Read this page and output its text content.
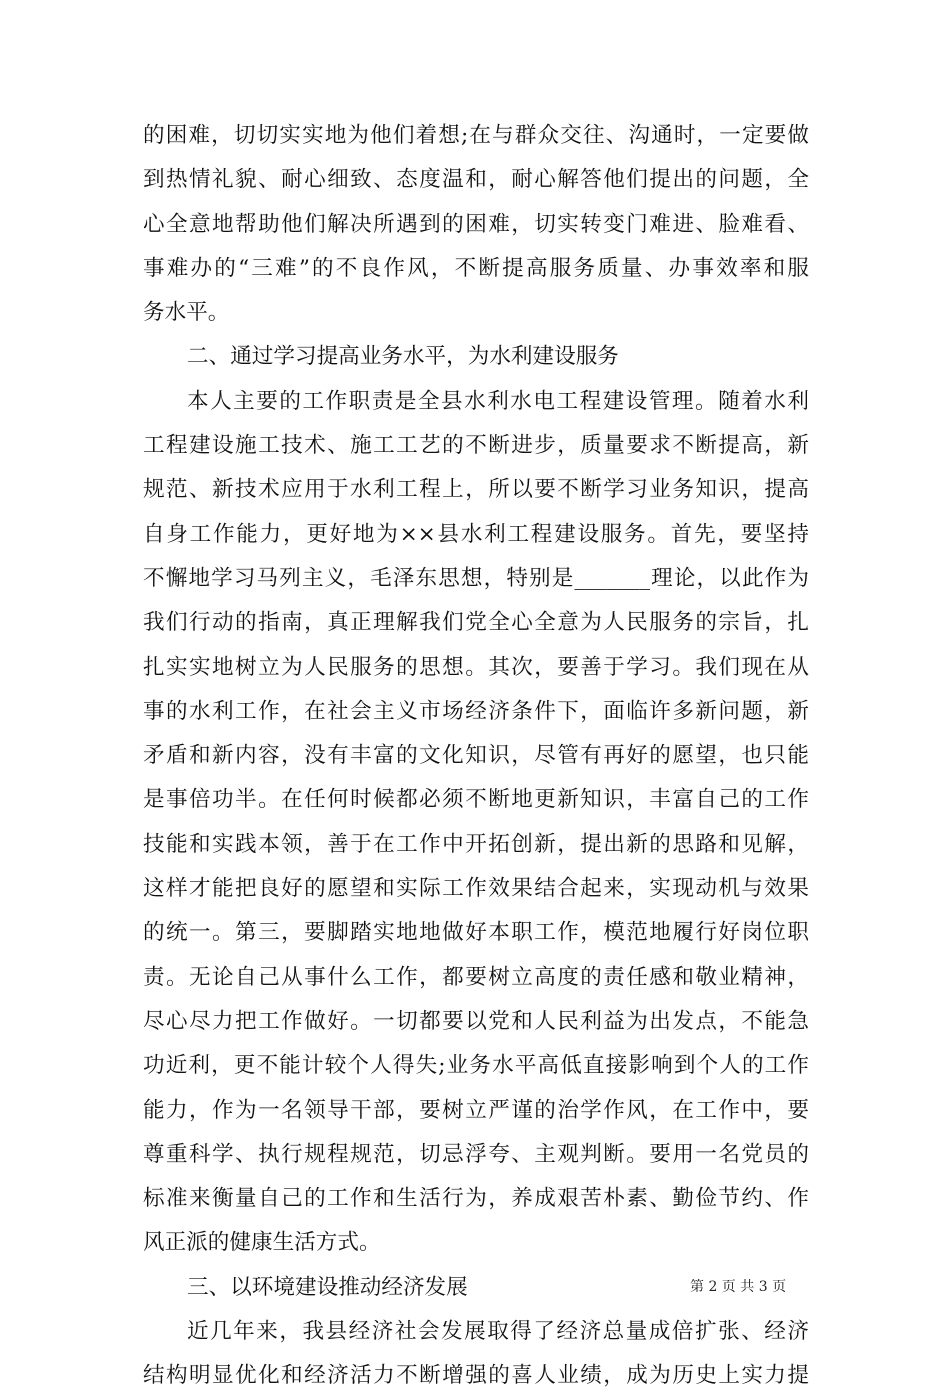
的困难，切切实实地为他们着想;在与群众交往、沟通时，一定要做
到热情礼貌、耐心细致、态度温和，耐心解答他们提出的问题，全
心全意地帮助他们解决所遇到的困难，切实转变门难进、脸难看、
事难办的“三难”的不良作风，不断提高服务质量、办事效率和服
务水平。
二、通过学习提高业务水平，为水利建设服务
本人主要的工作职责是全县水利水电工程建设管理。随着水利
工程建设施工技术、施工工艺的不断进步，质量要求不断提高，新
规范、新技术应用于水利工程上，所以要不断学习业务知识，提高
自身工作能力，更好地为××县水利工程建设服务。首先，要坚持
不懈地学习马列主义，毛泽东思想，特别是_______理论，以此作为
我们行动的指南，真正理解我们党全心全意为人民服务的宗旨，扎
扎实实地树立为人民服务的思想。其次，要善于学习。我们现在从
事的水利工作，在社会主义市场经济条件下，面临许多新问题，新
矛盾和新内容，没有丰富的文化知识，尽管有再好的愿望，也只能
是事倍功半。在任何时候都必须不断地更新知识，丰富自己的工作
技能和实践本领，善于在工作中开拓创新，提出新的思路和见解，
这样才能把良好的愿望和实际工作效果结合起来，实现动机与效果
的统一。第三，要脚踏实地地做好本职工作，模范地履行好岗位职
责。无论自己从事什么工作，都要树立高度的责任感和敬业精神，
尽心尽力把工作做好。一切都要以党和人民利益为出发点，不能急
功近利，更不能计较个人得失;业务水平高低直接影响到个人的工作
能力，作为一名领导干部，要树立严谨的治学作风，在工作中，要
尊重科学、执行规程规范，切忌浮夸、主观判断。要用一名党员的
标准来衡量自己的工作和生活行为，养成艰苦朴素、勤俭节约、作
风正派的健康生活方式。
三、以环境建设推动经济发展
近几年来，我县经济社会发展取得了经济总量成倍扩张、经济
结构明显优化和经济活力不断增强的喜人业绩，成为历史上实力提
第 2 页 共 3 页
